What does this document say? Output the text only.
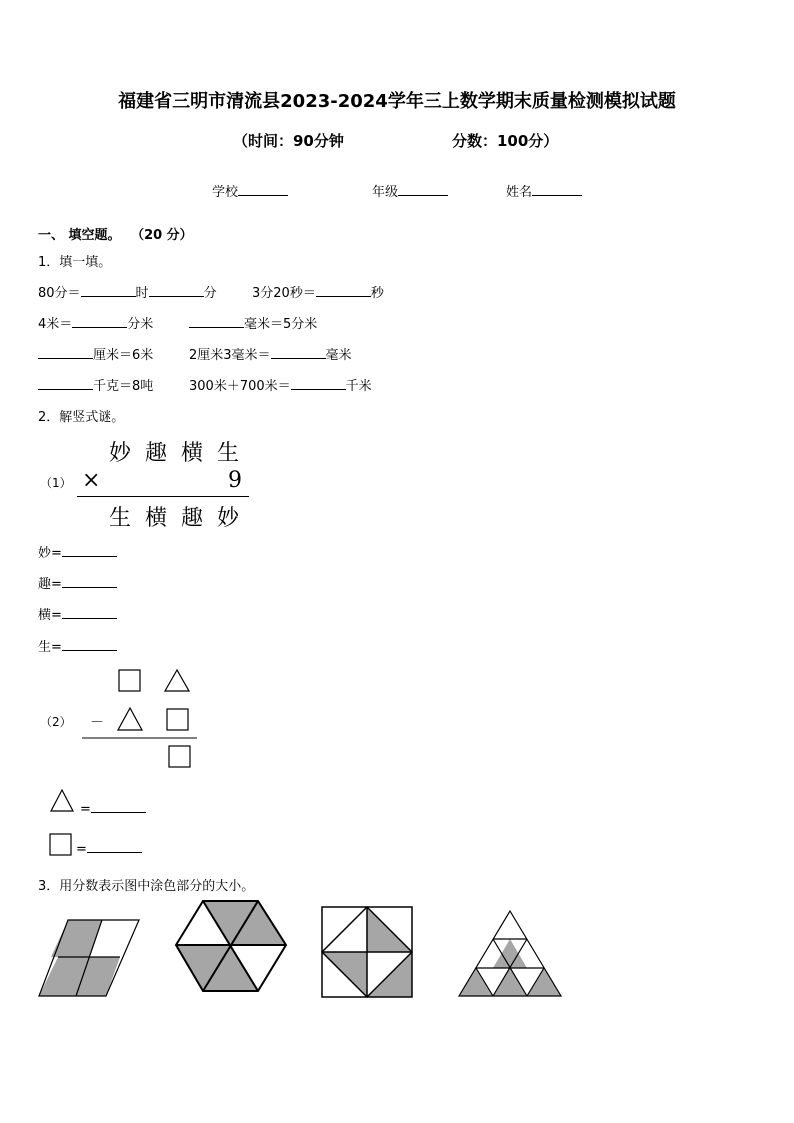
福建省三明市清流县2023-2024学年三上数学期末质量检测模拟试题
（时间：90分钟	分数：100分）
学校	年级	姓名
一、 填空题。 （20 分）
1．填一填。
80分＝	时	分	3分20秒＝	秒
4米＝	分米	毫米＝5分米
厘米＝6米	2厘米3毫米＝	毫米
千克＝8吨	300米＋700米＝	千米
2．解竖式谜。
妙 趣 横 生
（1） ×	9
生 横 趣 妙
妙=
趣=
横=
生=
（2） －
=
=
3．用分数表示图中涂色部分的大小。
